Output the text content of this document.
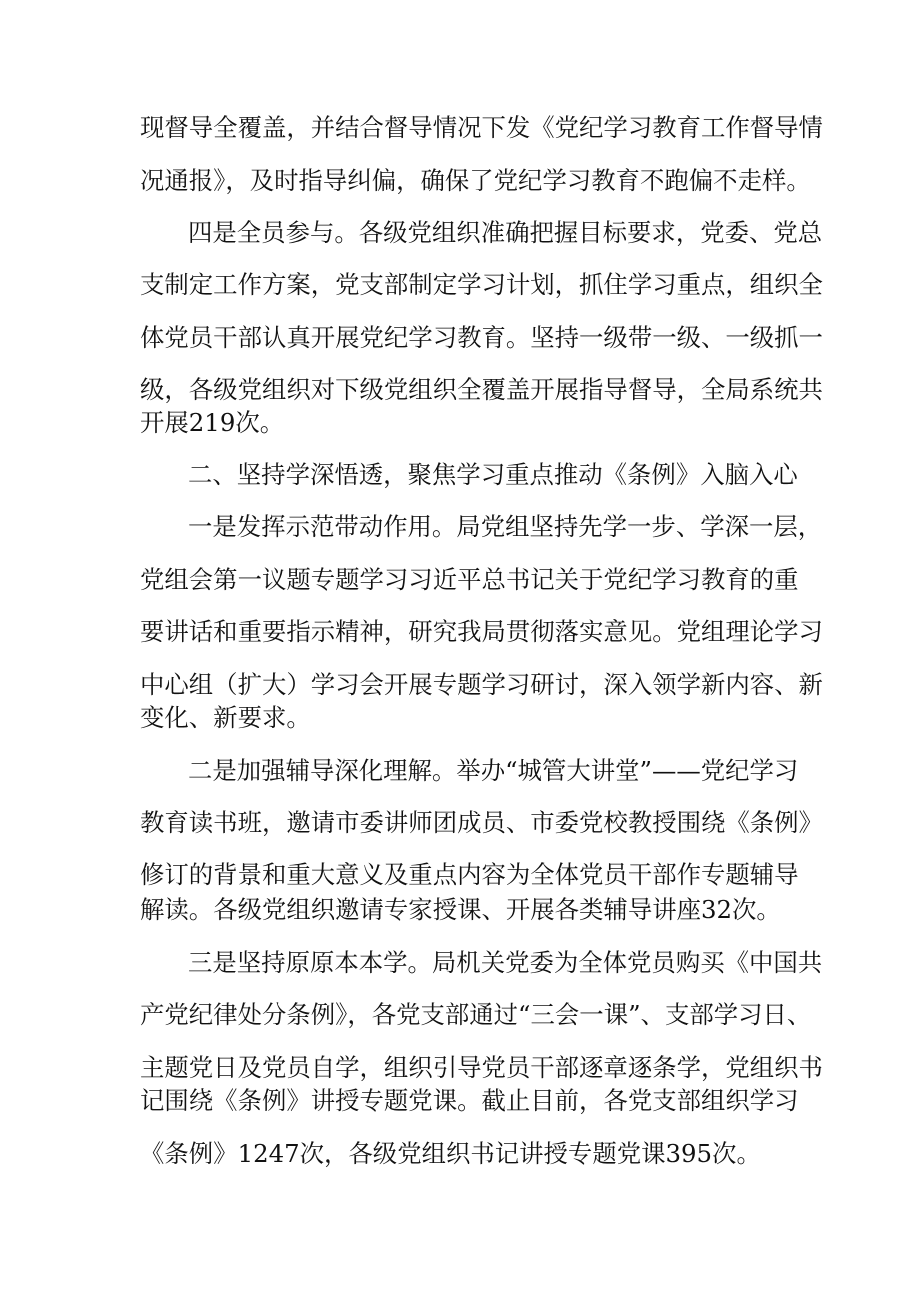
现督导全覆盖，并结合督导情况下发《党纪学习教育工作督导情
况通报》，及时指导纠偏，确保了党纪学习教育不跑偏不走样。
四是全员参与。各级党组织准确把握目标要求，党委、党总
支制定工作方案，党支部制定学习计划，抓住学习重点，组织全
体党员干部认真开展党纪学习教育。坚持一级带一级、一级抓一
级，各级党组织对下级党组织全覆盖开展指导督导，全局系统共
开展219次。
二、坚持学深悟透，聚焦学习重点推动《条例》入脑入心
一是发挥示范带动作用。局党组坚持先学一步、学深一层，
党组会第一议题专题学习习近平总书记关于党纪学习教育的重
要讲话和重要指示精神，研究我局贯彻落实意见。党组理论学习
中心组（扩大）学习会开展专题学习研讨，深入领学新内容、新
变化、新要求。
二是加强辅导深化理解。举办“城管大讲堂”——党纪学习
教育读书班，邀请市委讲师团成员、市委党校教授围绕《条例》
修订的背景和重大意义及重点内容为全体党员干部作专题辅导
解读。各级党组织邀请专家授课、开展各类辅导讲座32次。
三是坚持原原本本学。局机关党委为全体党员购买《中国共
产党纪律处分条例》，各党支部通过“三会一课”、支部学习日、
主题党日及党员自学，组织引导党员干部逐章逐条学，党组织书
记围绕《条例》讲授专题党课。截止目前，各党支部组织学习
《条例》1247次，各级党组织书记讲授专题党课395次。
